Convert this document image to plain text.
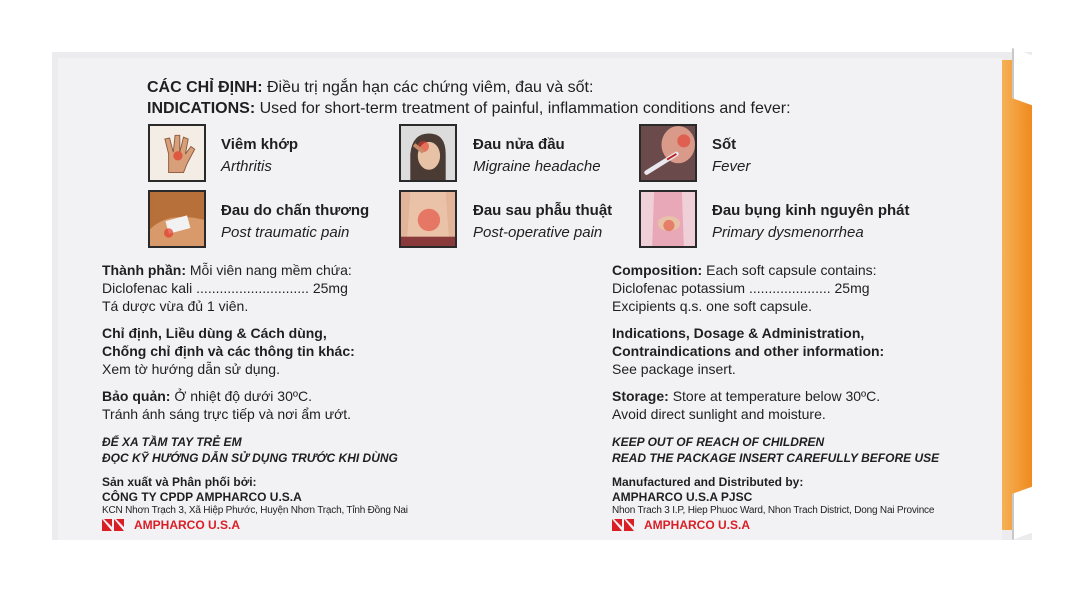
CÁC CHỈ ĐỊNH: Điều trị ngắn hạn các chứng viêm, đau và sốt:
INDICATIONS: Used for short-term treatment of painful, inflammation conditions and fever:
Viêm khớp
Arthritis
Đau nửa đầu
Migraine headache
Sốt
Fever
Đau do chấn thương
Post traumatic pain
Đau sau phẫu thuật
Post-operative pain
Đau bụng kinh nguyên phát
Primary dysmenorrhea
Thành phần: Mỗi viên nang mềm chứa:
Diclofenac kali ............................. 25mg
Tá dược vừa đủ 1 viên.
Chỉ định, Liều dùng & Cách dùng,
Chống chỉ định và các thông tin khác:
Xem tờ hướng dẫn sử dụng.
Bảo quản: Ở nhiệt độ dưới 30ºC.
Tránh ánh sáng trực tiếp và nơi ẩm ướt.
ĐỂ XA TẦM TAY TRẺ EM
ĐỌC KỸ HƯỚNG DẪN SỬ DỤNG TRƯỚC KHI DÙNG
Sản xuất và Phân phối bởi:
CÔNG TY CPDP AMPHARCO U.S.A
KCN Nhơn Trạch 3, Xã Hiệp Phước, Huyện Nhơn Trạch, Tỉnh Đồng Nai
AMPHARCO U.S.A
Composition: Each soft capsule contains:
Diclofenac potassium ..................... 25mg
Excipients q.s. one soft capsule.
Indications, Dosage & Administration,
Contraindications and other information:
See package insert.
Storage: Store at temperature below 30ºC.
Avoid direct sunlight and moisture.
KEEP OUT OF REACH OF CHILDREN
READ THE PACKAGE INSERT CAREFULLY BEFORE USE
Manufactured and Distributed by:
AMPHARCO U.S.A PJSC
Nhon Trach 3 I.P, Hiep Phuoc Ward, Nhon Trach District, Dong Nai Province
AMPHARCO U.S.A
